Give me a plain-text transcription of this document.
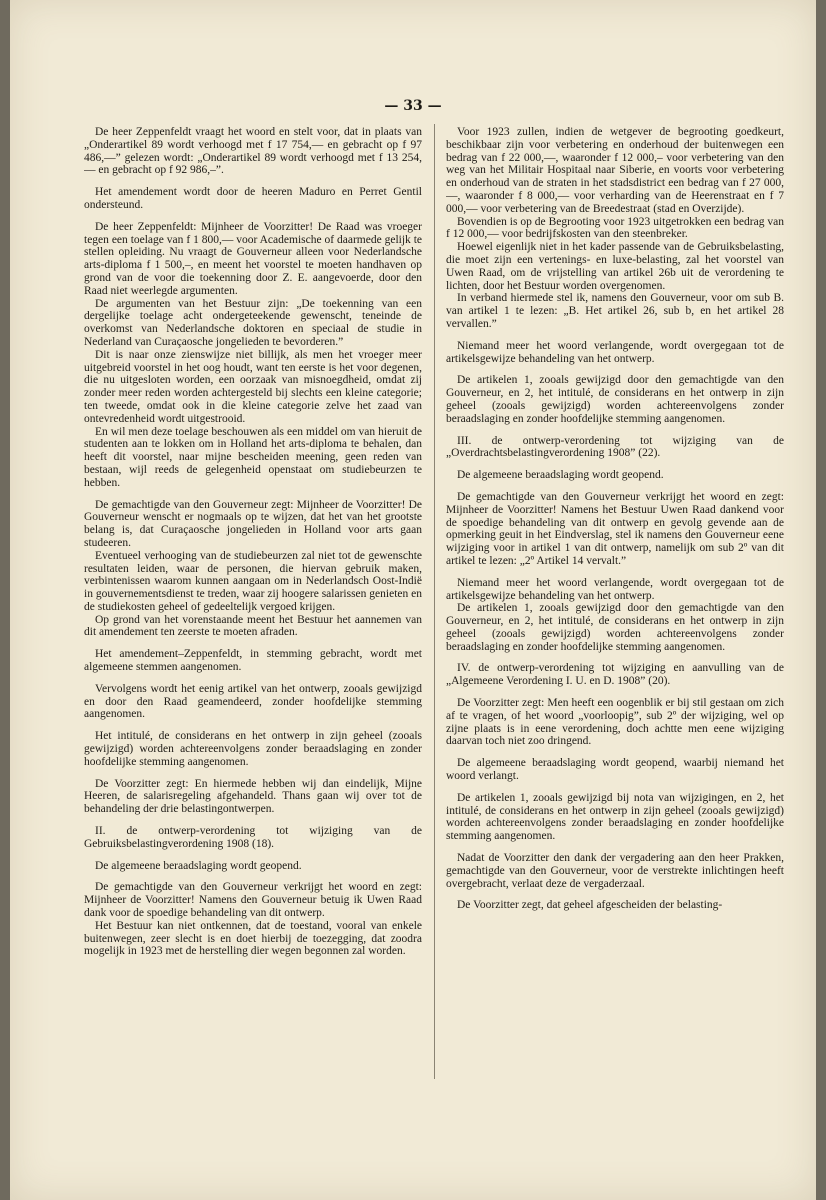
— 33 —

De heer Zeppenfeldt vraagt het woord en stelt voor, dat in plaats van „Onderartikel 89 wordt verhoogd met f 17 754,— en gebracht op f 97 486,—” gelezen wordt: „Onderartikel 89 wordt verhoogd met f 13 254,— en gebracht op f 92 986,–”.

Het amendement wordt door de heeren Maduro en Perret Gentil ondersteund.

De heer Zeppenfeldt: Mijnheer de Voorzitter! De Raad was vroeger tegen een toelage van f 1 800,— voor Academische of daarmede gelijk te stellen opleiding. Nu vraagt de Gouverneur alleen voor Nederlandsche arts-diploma f 1 500,–, en meent het voorstel te moeten handhaven op grond van de voor die toekenning door Z. E. aangevoerde, door den Raad niet weerlegde argumenten.

De argumenten van het Bestuur zijn: „De toekenning van een dergelijke toelage acht ondergeteekende gewenscht, teneinde de overkomst van Nederlandsche doktoren en speciaal de studie in Nederland van Curaçaosche jongelieden te bevorderen.”

Dit is naar onze zienswijze niet billijk, als men het vroeger meer uitgebreid voorstel in het oog houdt, want ten eerste is het voor degenen, die nu uitgesloten worden, een oorzaak van misnoegdheid, omdat zij zonder meer reden worden achtergesteld bij slechts een kleine categorie; ten tweede, omdat ook in die kleine categorie zelve het zaad van ontevredenheid wordt uitgestrooid.

En wil men deze toelage beschouwen als een middel om van hieruit de studenten aan te lokken om in Holland het arts-diploma te behalen, dan heeft dit voorstel, naar mijne bescheiden meening, geen reden van bestaan, wijl reeds de gelegenheid openstaat om studiebeurzen te hebben.

De gemachtigde van den Gouverneur zegt: Mijnheer de Voorzitter! De Gouverneur wenscht er nogmaals op te wijzen, dat het van het grootste belang is, dat Curaçaosche jongelieden in Holland voor arts gaan studeeren.

Eventueel verhooging van de studiebeurzen zal niet tot de gewenschte resultaten leiden, waar de personen, die hiervan gebruik maken, verbintenissen waarom kunnen aangaan om in Nederlandsch Oost-Indië in gouvernementsdienst te treden, waar zij hoogere salarissen genieten en de studiekosten geheel of gedeeltelijk vergoed krijgen.

Op grond van het vorenstaande meent het Bestuur het aannemen van dit amendement ten zeerste te moeten afraden.

Het amendement–Zeppenfeldt, in stemming gebracht, wordt met algemeene stemmen aangenomen.

Vervolgens wordt het eenig artikel van het ontwerp, zooals gewijzigd en door den Raad geamendeerd, zonder hoofdelijke stemming aangenomen.

Het intitulé, de considerans en het ontwerp in zijn geheel (zooals gewijzigd) worden achtereenvolgens zonder beraadslaging en zonder hoofdelijke stemming aangenomen.

De Voorzitter zegt: En hiermede hebben wij dan eindelijk, Mijne Heeren, de salarisregeling afgehandeld. Thans gaan wij over tot de behandeling der drie belastingontwerpen.

II. de ontwerp-verordening tot wijziging van de Gebruiksbelastingverordening 1908 (18).

De algemeene beraadslaging wordt geopend.

De gemachtigde van den Gouverneur verkrijgt het woord en zegt: Mijnheer de Voorzitter! Namens den Gouverneur betuig ik Uwen Raad dank voor de spoedige behandeling van dit ontwerp.

Het Bestuur kan niet ontkennen, dat de toestand, vooral van enkele buitenwegen, zeer slecht is en doet hierbij de toezegging, dat zoodra mogelijk in 1923 met de herstelling dier wegen begonnen zal worden.

Voor 1923 zullen, indien de wetgever de begrooting goedkeurt, beschikbaar zijn voor verbetering en onderhoud der buitenwegen een bedrag van f 22 000,—, waaronder f 12 000,– voor verbetering van den weg van het Militair Hospitaal naar Siberie, en voorts voor verbetering en onderhoud van de straten in het stadsdistrict een bedrag van f 27 000,—, waaronder f 8 000,— voor verharding van de Heerenstraat en f 7 000,— voor verbetering van de Breedestraat (stad en Overzijde).

Bovendien is op de Begrooting voor 1923 uitgetrokken een bedrag van f 12 000,— voor bedrijfskosten van den steenbreker.

Hoewel eigenlijk niet in het kader passende van de Gebruiksbelasting, die moet zijn een vertenings- en luxe-belasting, zal het voorstel van Uwen Raad, om de vrijstelling van artikel 26b uit de verordening te lichten, door het Bestuur worden overgenomen.

In verband hiermede stel ik, namens den Gouverneur, voor om sub B. van artikel 1 te lezen: „B. Het artikel 26, sub b, en het artikel 28 vervallen.”

Niemand meer het woord verlangende, wordt overgegaan tot de artikelsgewijze behandeling van het ontwerp.

De artikelen 1, zooals gewijzigd door den gemachtigde van den Gouverneur, en 2, het intitulé, de considerans en het ontwerp in zijn geheel (zooals gewijzigd) worden achtereenvolgens zonder beraadslaging en zonder hoofdelijke stemming aangenomen.

III. de ontwerp-verordening tot wijziging van de „Overdrachtsbelastingverordening 1908” (22).

De algemeene beraadslaging wordt geopend.

De gemachtigde van den Gouverneur verkrijgt het woord en zegt: Mijnheer de Voorzitter! Namens het Bestuur Uwen Raad dankend voor de spoedige behandeling van dit ontwerp en gevolg gevende aan de opmerking geuit in het Eindverslag, stel ik namens den Gouverneur eene wijziging voor in artikel 1 van dit ontwerp, namelijk om sub 2º van dit artikel te lezen: „2º Artikel 14 vervalt.”

Niemand meer het woord verlangende, wordt overgegaan tot de artikelsgewijze behandeling van het ontwerp.

De artikelen 1, zooals gewijzigd door den gemachtigde van den Gouverneur, en 2, het intitulé, de considerans en het ontwerp in zijn geheel (zooals gewijzigd) worden achtereenvolgens zonder beraadslaging en zonder hoofdelijke stemming aangenomen.

IV. de ontwerp-verordening tot wijziging en aanvulling van de „Algemeene Verordening I. U. en D. 1908” (20).

De Voorzitter zegt: Men heeft een oogenblik er bij stil gestaan om zich af te vragen, of het woord „voorloopig”, sub 2º der wijziging, wel op zijne plaats is in eene verordening, doch achtte men eene wijziging daarvan toch niet zoo dringend.

De algemeene beraadslaging wordt geopend, waarbij niemand het woord verlangt.

De artikelen 1, zooals gewijzigd bij nota van wijzigingen, en 2, het intitulé, de considerans en het ontwerp in zijn geheel (zooals gewijzigd) worden achtereenvolgens zonder beraadslaging en zonder hoofdelijke stemming aangenomen.

Nadat de Voorzitter den dank der vergadering aan den heer Prakken, gemachtigde van den Gouverneur, voor de verstrekte inlichtingen heeft overgebracht, verlaat deze de vergaderzaal.

De Voorzitter zegt, dat geheel afgescheiden der belasting-
